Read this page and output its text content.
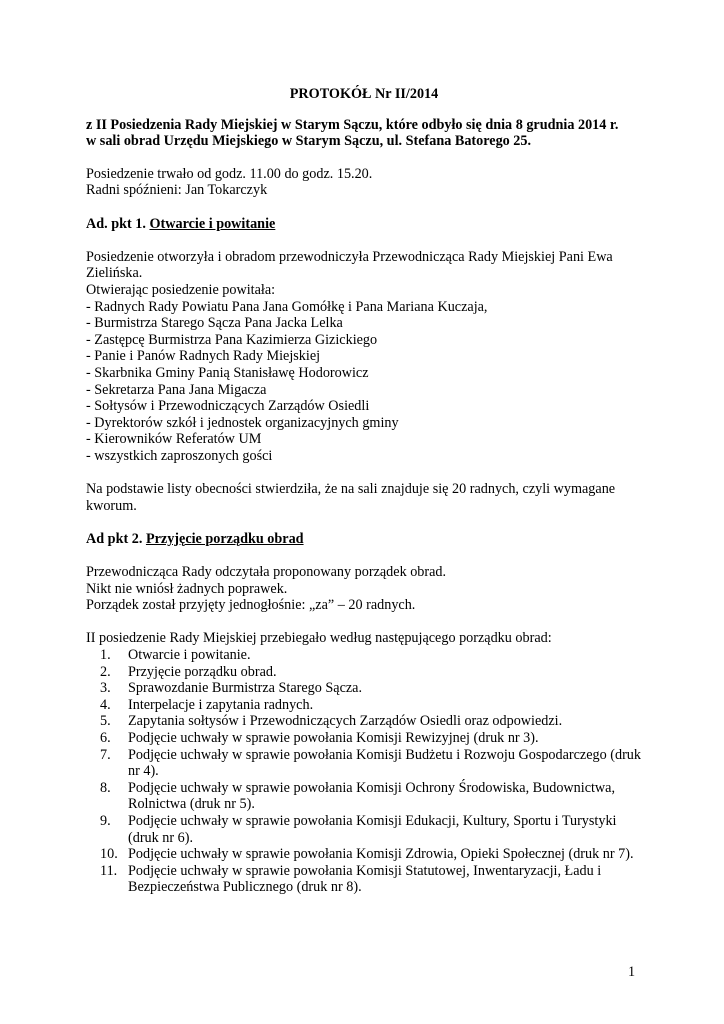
PROTOKÓŁ Nr II/2014

z II Posiedzenia Rady Miejskiej w Starym Sączu, które odbyło się dnia 8 grudnia 2014 r.
w sali obrad Urzędu Miejskiego w Starym Sączu, ul. Stefana Batorego 25.

Posiedzenie trwało od godz. 11.00 do godz. 15.20.

Radni spóźnieni: Jan Tokarczyk

Ad. pkt 1. Otwarcie i powitanie

Posiedzenie otworzyła i obradom przewodniczyła Przewodnicząca Rady Miejskiej Pani Ewa Zielińska.

Otwierając posiedzenie powitała:

- Radnych Rady Powiatu Pana Jana Gomółkę i Pana Mariana Kuczaja,
- Burmistrza Starego Sącza Pana Jacka Lelka
- Zastępcę Burmistrza Pana Kazimierza Gizickiego
- Panie i Panów Radnych Rady Miejskiej
- Skarbnika Gminy Panią Stanisławę Hodorowicz
- Sekretarza Pana Jana Migacza
- Sołtysów i Przewodniczących Zarządów Osiedli
- Dyrektorów szkół i jednostek organizacyjnych gminy
- Kierowników Referatów UM
- wszystkich zaproszonych gości

Na podstawie listy obecności stwierdziła, że na sali znajduje się 20 radnych, czyli wymagane kworum.

Ad pkt 2. Przyjęcie porządku obrad

Przewodnicząca Rady odczytała proponowany porządek obrad.

Nikt nie wniósł żadnych poprawek.

Porządek został przyjęty jednogłośnie: „za” – 20 radnych.

II posiedzenie Rady Miejskiej przebiegało według następującego porządku obrad:

1.	Otwarcie i powitanie.
2.	Przyjęcie porządku obrad.
3.	Sprawozdanie Burmistrza Starego Sącza.
4.	Interpelacje i zapytania radnych.
5.	Zapytania sołtysów i Przewodniczących Zarządów Osiedli oraz odpowiedzi.
6.	Podjęcie uchwały w sprawie powołania Komisji Rewizyjnej (druk nr 3).
7.	Podjęcie uchwały w sprawie powołania Komisji Budżetu i Rozwoju Gospodarczego (druk nr 4).
8.	Podjęcie uchwały w sprawie powołania Komisji Ochrony Środowiska, Budownictwa, Rolnictwa (druk nr 5).
9.	Podjęcie uchwały w sprawie powołania Komisji Edukacji, Kultury, Sportu i Turystyki (druk nr 6).
10. Podjęcie uchwały w sprawie powołania Komisji Zdrowia, Opieki Społecznej (druk nr 7).
11. Podjęcie uchwały w sprawie powołania Komisji Statutowej, Inwentaryzacji, Ładu i Bezpieczeństwa Publicznego (druk nr 8).
1
